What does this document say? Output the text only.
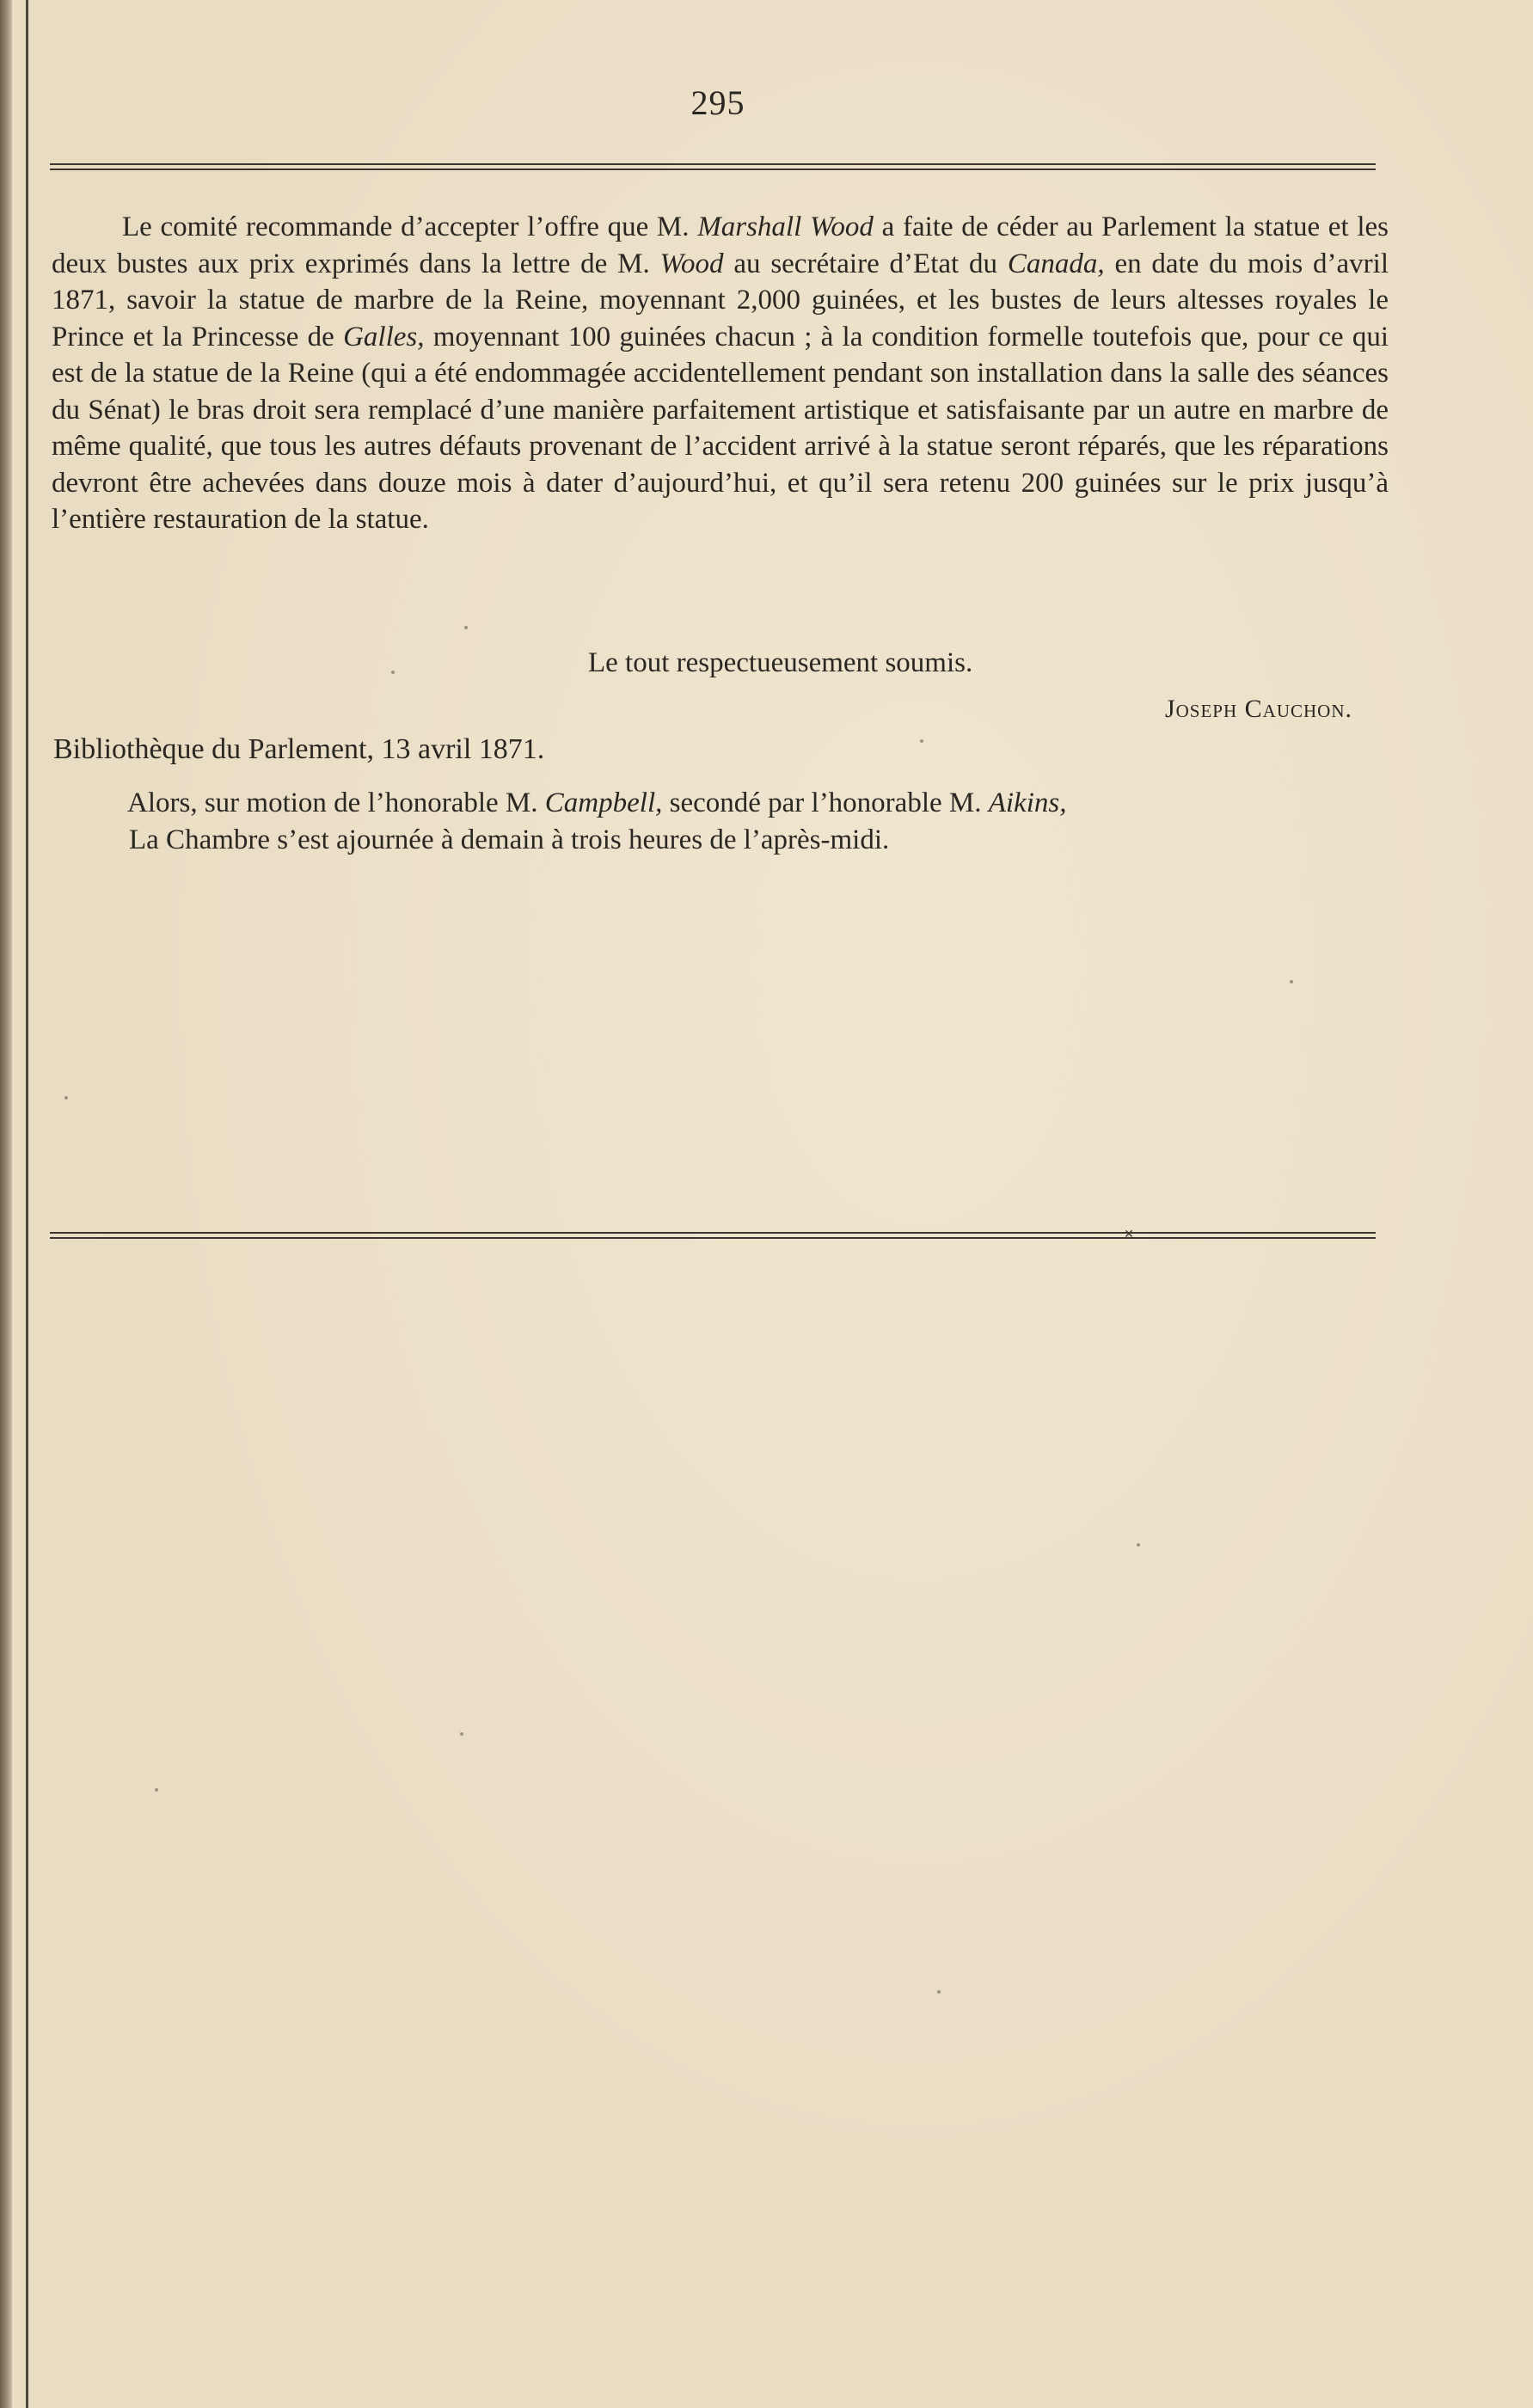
295

Le comité recommande d’accepter l’offre que M. Marshall Wood a faite de céder au Parlement la statue et les deux bustes aux prix exprimés dans la lettre de M. Wood au secrétaire d’Etat du Canada, en date du mois d’avril 1871, savoir la statue de marbre de la Reine, moyennant 2,000 guinées, et les bustes de leurs altesses royales le Prince et la Princesse de Galles, moyennant 100 guinées chacun ; à la condition formelle toutefois que, pour ce qui est de la statue de la Reine (qui a été endommagée accidentellement pendant son installation dans la salle des séances du Sénat) le bras droit sera remplacé d’une manière parfaitement artistique et satisfaisante par un autre en marbre de même qualité, que tous les autres défauts provenant de l’accident arrivé à la statue seront réparés, que les réparations devront être achevées dans douze mois à dater d’aujourd’hui, et qu’il sera retenu 200 guinées sur le prix jusqu’à l’entière restauration de la statue.

Le tout respectueusement soumis.
Joseph Cauchon.
Bibliothèque du Parlement, 13 avril 1871.

Alors, sur motion de l’honorable M. Campbell, secondé par l’honorable M. Aikins,

La Chambre s’est ajournée à demain à trois heures de l’après-midi.

✕
